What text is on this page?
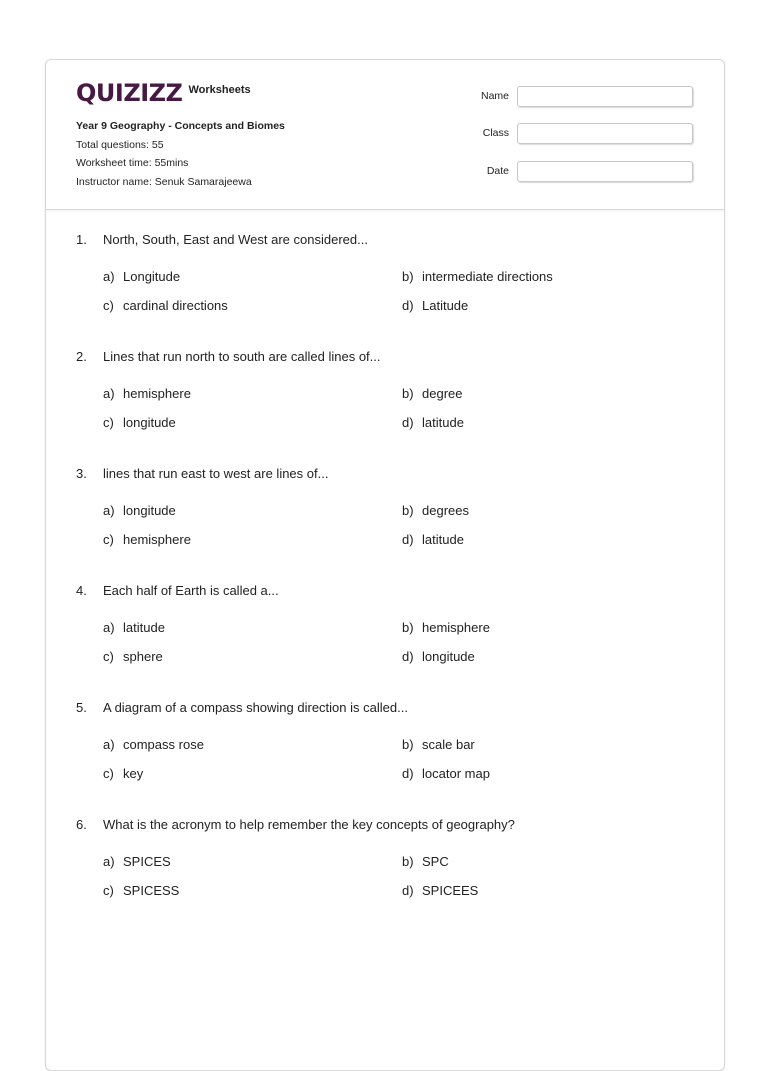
QUIZIZZ Worksheets
Year 9 Geography - Concepts and Biomes
Total questions: 55
Worksheet time: 55mins
Instructor name: Senuk Samarajeewa
Name
Class
Date
1. North, South, East and West are considered...
a) Longitude	b) intermediate directions
c) cardinal directions	d) Latitude
2. Lines that run north to south are called lines of...
a) hemisphere	b) degree
c) longitude	d) latitude
3. lines that run east to west are lines of...
a) longitude	b) degrees
c) hemisphere	d) latitude
4. Each half of Earth is called a...
a) latitude	b) hemisphere
c) sphere	d) longitude
5. A diagram of a compass showing direction is called...
a) compass rose	b) scale bar
c) key	d) locator map
6. What is the acronym to help remember the key concepts of geography?
a) SPICES	b) SPC
c) SPICESS	d) SPICEES
